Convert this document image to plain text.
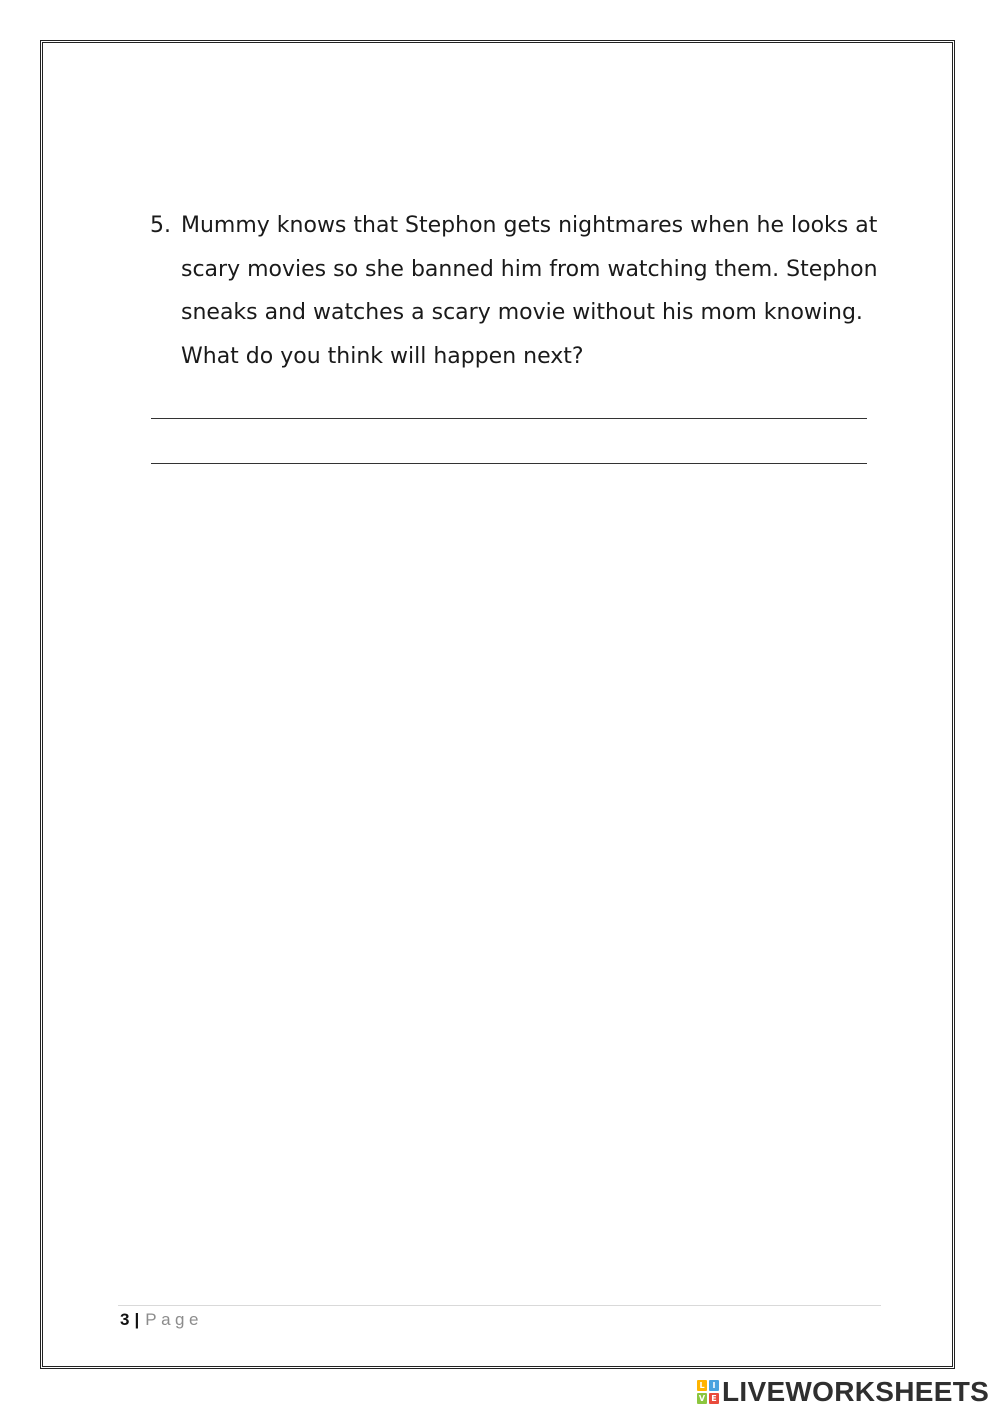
5. Mummy knows that Stephon gets nightmares when he looks at scary movies so she banned him from watching them. Stephon sneaks and watches a scary movie without his mom knowing. What do you think will happen next?
3 | Page
L I
V E LIVEWORKSHEETS
